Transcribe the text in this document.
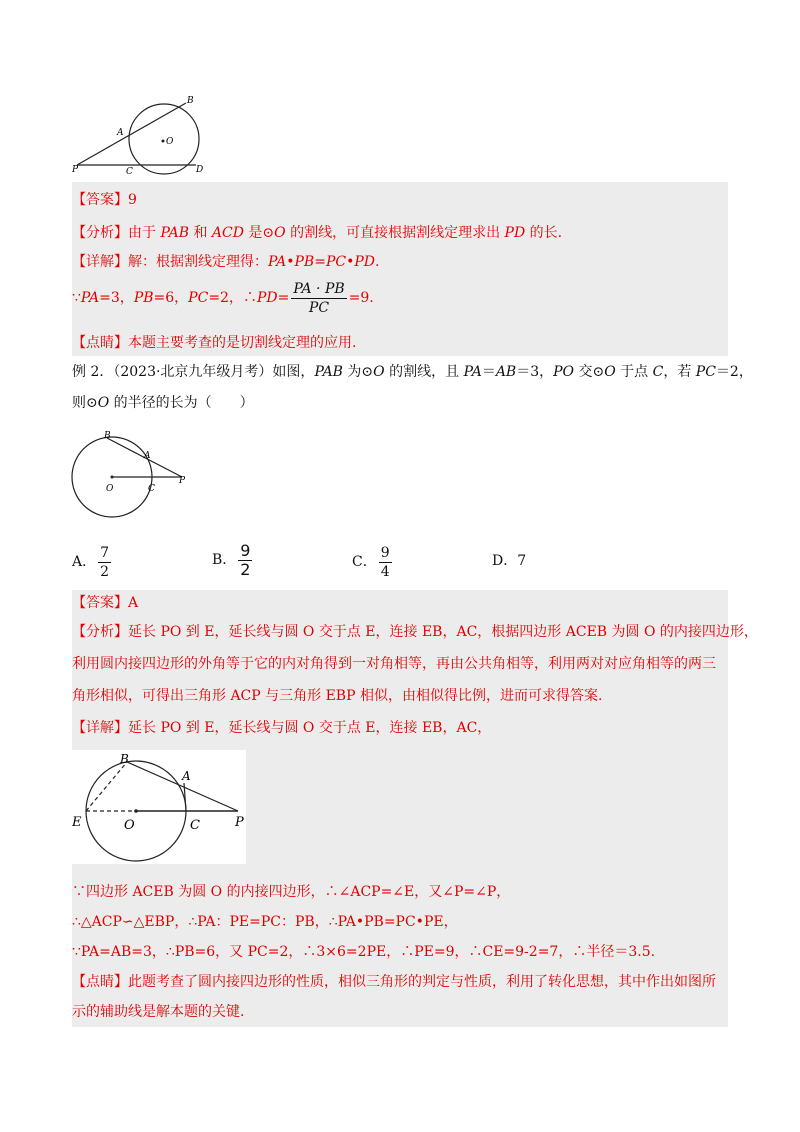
B
A
O
P	C	D
【答案】9
【分析】由于 PAB 和 ACD 是⊙O 的割线，可直接根据割线定理求出 PD 的长.
【详解】解：根据割线定理得：PA•PB=PC•PD.
∵PA=3，PB=6，PC=2，∴PD= $\frac{PA \cdot PB}{PC} =9$.
【点睛】本题主要考查的是切割线定理的应用.
例 2．（2023·北京九年级月考）如图，PAB 为⊙O 的割线，且 PA＝AB＝3，PO 交⊙O 于点 C，若 PC＝2，
则⊙O 的半径的长为（　　）
B
A
O	C
P
A． $\frac{7}{2}$	B． $\frac{9}{2}$	C． $\frac{9}{4}$	D．7
【答案】A
【分析】延长 PO 到 E，延长线与圆 O 交于点 E，连接 EB，AC，根据四边形 ACEB 为圆 O 的内接四边形，
利用圆内接四边形的外角等于它的内对角得到一对角相等，再由公共角相等，利用两对对应角相等的两三
角形相似，可得出三角形 ACP 与三角形 EBP 相似，由相似得比例，进而可求得答案.
【详解】延长 PO 到 E，延长线与圆 O 交于点 E，连接 EB，AC，
B
A
E	O	C	P
∵四边形 ACEB 为圆 O 的内接四边形，∴∠ACP=∠E，又∠P=∠P，
∴△ACP∽△EBP，∴PA：PE=PC：PB，∴PA•PB=PC•PE，
∵PA=AB=3，∴PB=6，又 PC=2，∴3×6=2PE，∴PE=9，∴CE=9-2=7，∴半径＝3.5.
【点睛】此题考查了圆内接四边形的性质，相似三角形的判定与性质，利用了转化思想，其中作出如图所
示的辅助线是解本题的关键.
